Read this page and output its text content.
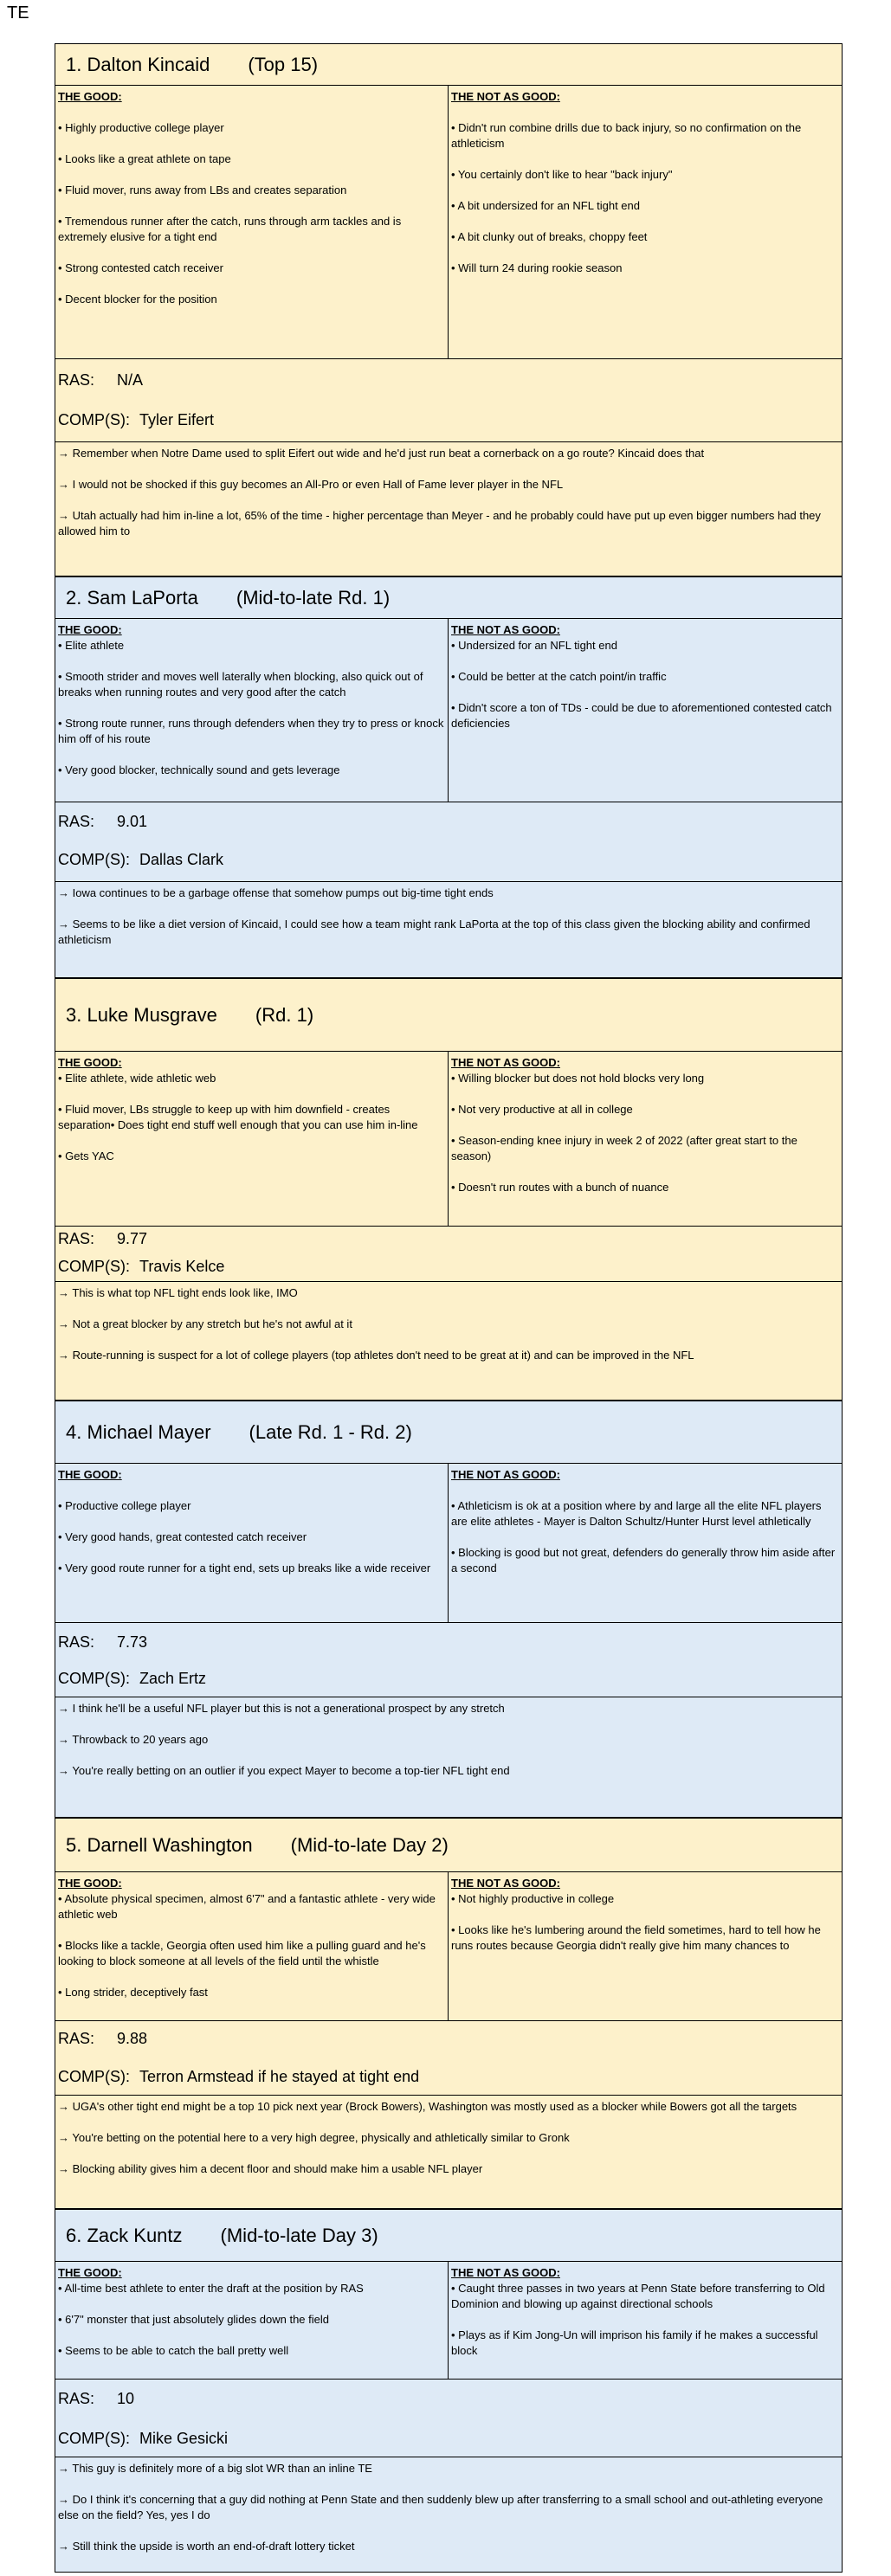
TE
1.
Dalton Kincaid (Top 15)
THE GOOD:
• Highly productive college player
• Looks like a great athlete on tape
• Fluid mover, runs away from LBs and creates separation
• Tremendous runner after the catch, runs through arm tackles and is extremely elusive for a tight end
• Strong contested catch receiver
• Decent blocker for the position
THE NOT AS GOOD:
• Didn't run combine drills due to back injury, so no confirmation on the athleticism
• You certainly don't like to hear "back injury"
• A bit undersized for an NFL tight end
• A bit clunky out of breaks, choppy feet
• Will turn 24 during rookie season
RAS: N/A
COMP(S): Tyler Eifert
→ Remember when Notre Dame used to split Eifert out wide and he'd just run beat a cornerback on a go route? Kincaid does that
→ I would not be shocked if this guy becomes an All-Pro or even Hall of Fame lever player in the NFL
→ Utah actually had him in-line a lot, 65% of the time - higher percentage than Meyer - and he probably could have put up even bigger numbers had they allowed him to
2.
Sam LaPorta (Mid-to-late Rd. 1)
THE GOOD:
• Elite athlete
• Smooth strider and moves well laterally when blocking, also quick out of breaks when running routes and very good after the catch
• Strong route runner, runs through defenders when they try to press or knock him off of his route
• Very good blocker, technically sound and gets leverage
THE NOT AS GOOD:
• Undersized for an NFL tight end
• Could be better at the catch point/in traffic
• Didn't score a ton of TDs - could be due to aforementioned contested catch deficiencies
RAS: 9.01
COMP(S): Dallas Clark
→ Iowa continues to be a garbage offense that somehow pumps out big-time tight ends
→ Seems to be like a diet version of Kincaid, I could see how a team might rank LaPorta at the top of this class given the blocking ability and confirmed athleticism
3.
Luke Musgrave (Rd. 1)
THE GOOD:
• Elite athlete, wide athletic web
• Fluid mover, LBs struggle to keep up with him downfield - creates separation• Does tight end stuff well enough that you can use him in-line
• Gets YAC
THE NOT AS GOOD:
• Willing blocker but does not hold blocks very long
• Not very productive at all in college
• Season-ending knee injury in week 2 of 2022 (after great start to the season)
• Doesn't run routes with a bunch of nuance
RAS: 9.77
COMP(S): Travis Kelce
→ This is what top NFL tight ends look like, IMO
→ Not a great blocker by any stretch but he's not awful at it
→ Route-running is suspect for a lot of college players (top athletes don't need to be great at it) and can be improved in the NFL
4.
Michael Mayer (Late Rd. 1 - Rd. 2)
THE GOOD:
• Productive college player
• Very good hands, great contested catch receiver
• Very good route runner for a tight end, sets up breaks like a wide receiver
THE NOT AS GOOD:
• Athleticism is ok at a position where by and large all the elite NFL players are elite athletes - Mayer is Dalton Schultz/Hunter Hurst level athletically
• Blocking is good but not great, defenders do generally throw him aside after a second
RAS: 7.73
COMP(S): Zach Ertz
→ I think he'll be a useful NFL player but this is not a generational prospect by any stretch
→ Throwback to 20 years ago
→ You're really betting on an outlier if you expect Mayer to become a top-tier NFL tight end
5.
Darnell Washington (Mid-to-late Day 2)
THE GOOD:
• Absolute physical specimen, almost 6'7" and a fantastic athlete - very wide athletic web
• Blocks like a tackle, Georgia often used him like a pulling guard and he's looking to block someone at all levels of the field until the whistle
• Long strider, deceptively fast
THE NOT AS GOOD:
• Not highly productive in college
• Looks like he's lumbering around the field sometimes, hard to tell how he runs routes because Georgia didn't really give him many chances to
RAS: 9.88
COMP(S): Terron Armstead if he stayed at tight end
→ UGA's other tight end might be a top 10 pick next year (Brock Bowers), Washington was mostly used as a blocker while Bowers got all the targets
→ You're betting on the potential here to a very high degree, physically and athletically similar to Gronk
→ Blocking ability gives him a decent floor and should make him a usable NFL player
6.
Zack Kuntz (Mid-to-late Day 3)
THE GOOD:
• All-time best athlete to enter the draft at the position by RAS
• 6'7" monster that just absolutely glides down the field
• Seems to be able to catch the ball pretty well
THE NOT AS GOOD:
• Caught three passes in two years at Penn State before transferring to Old Dominion and blowing up against directional schools
• Plays as if Kim Jong-Un will imprison his family if he makes a successful block
RAS: 10
COMP(S): Mike Gesicki
→ This guy is definitely more of a big slot WR than an inline TE
→ Do I think it's concerning that a guy did nothing at Penn State and then suddenly blew up after transferring to a small school and out-athleting everyone else on the field? Yes, yes I do
→ Still think the upside is worth an end-of-draft lottery ticket
